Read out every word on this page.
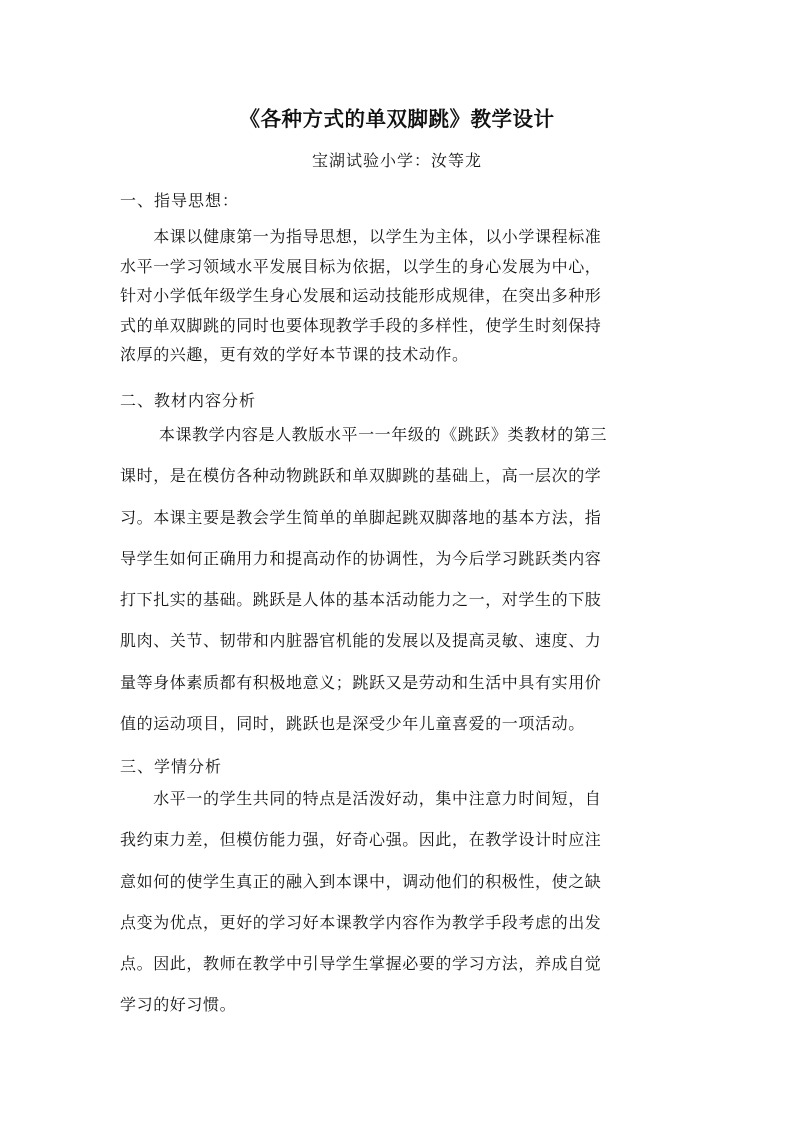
《各种方式的单双脚跳》教学设计
宝湖试验小学：汝等龙
一、指导思想：

　　本课以健康第一为指导思想，以学生为主体，以小学课程标准
水平一学习领域水平发展目标为依据，以学生的身心发展为中心，
针对小学低年级学生身心发展和运动技能形成规律，在突出多种形
式的单双脚跳的同时也要体现教学手段的多样性，使学生时刻保持
浓厚的兴趣，更有效的学好本节课的技术动作。

二、教材内容分析

　　 本课教学内容是人教版水平一一年级的《跳跃》类教材的第三
课时，是在模仿各种动物跳跃和单双脚跳的基础上，高一层次的学
习。本课主要是教会学生简单的单脚起跳双脚落地的基本方法，指
导学生如何正确用力和提高动作的协调性，为今后学习跳跃类内容
打下扎实的基础。跳跃是人体的基本活动能力之一，对学生的下肢
肌肉、关节、韧带和内脏器官机能的发展以及提高灵敏、速度、力
量等身体素质都有积极地意义；跳跃又是劳动和生活中具有实用价
值的运动项目，同时，跳跃也是深受少年儿童喜爱的一项活动。

三、学情分析

　　水平一的学生共同的特点是活泼好动，集中注意力时间短，自
我约束力差，但模仿能力强，好奇心强。因此，在教学设计时应注
意如何的使学生真正的融入到本课中，调动他们的积极性，使之缺
点变为优点，更好的学习好本课教学内容作为教学手段考虑的出发
点。因此，教师在教学中引导学生掌握必要的学习方法，养成自觉
学习的好习惯。
